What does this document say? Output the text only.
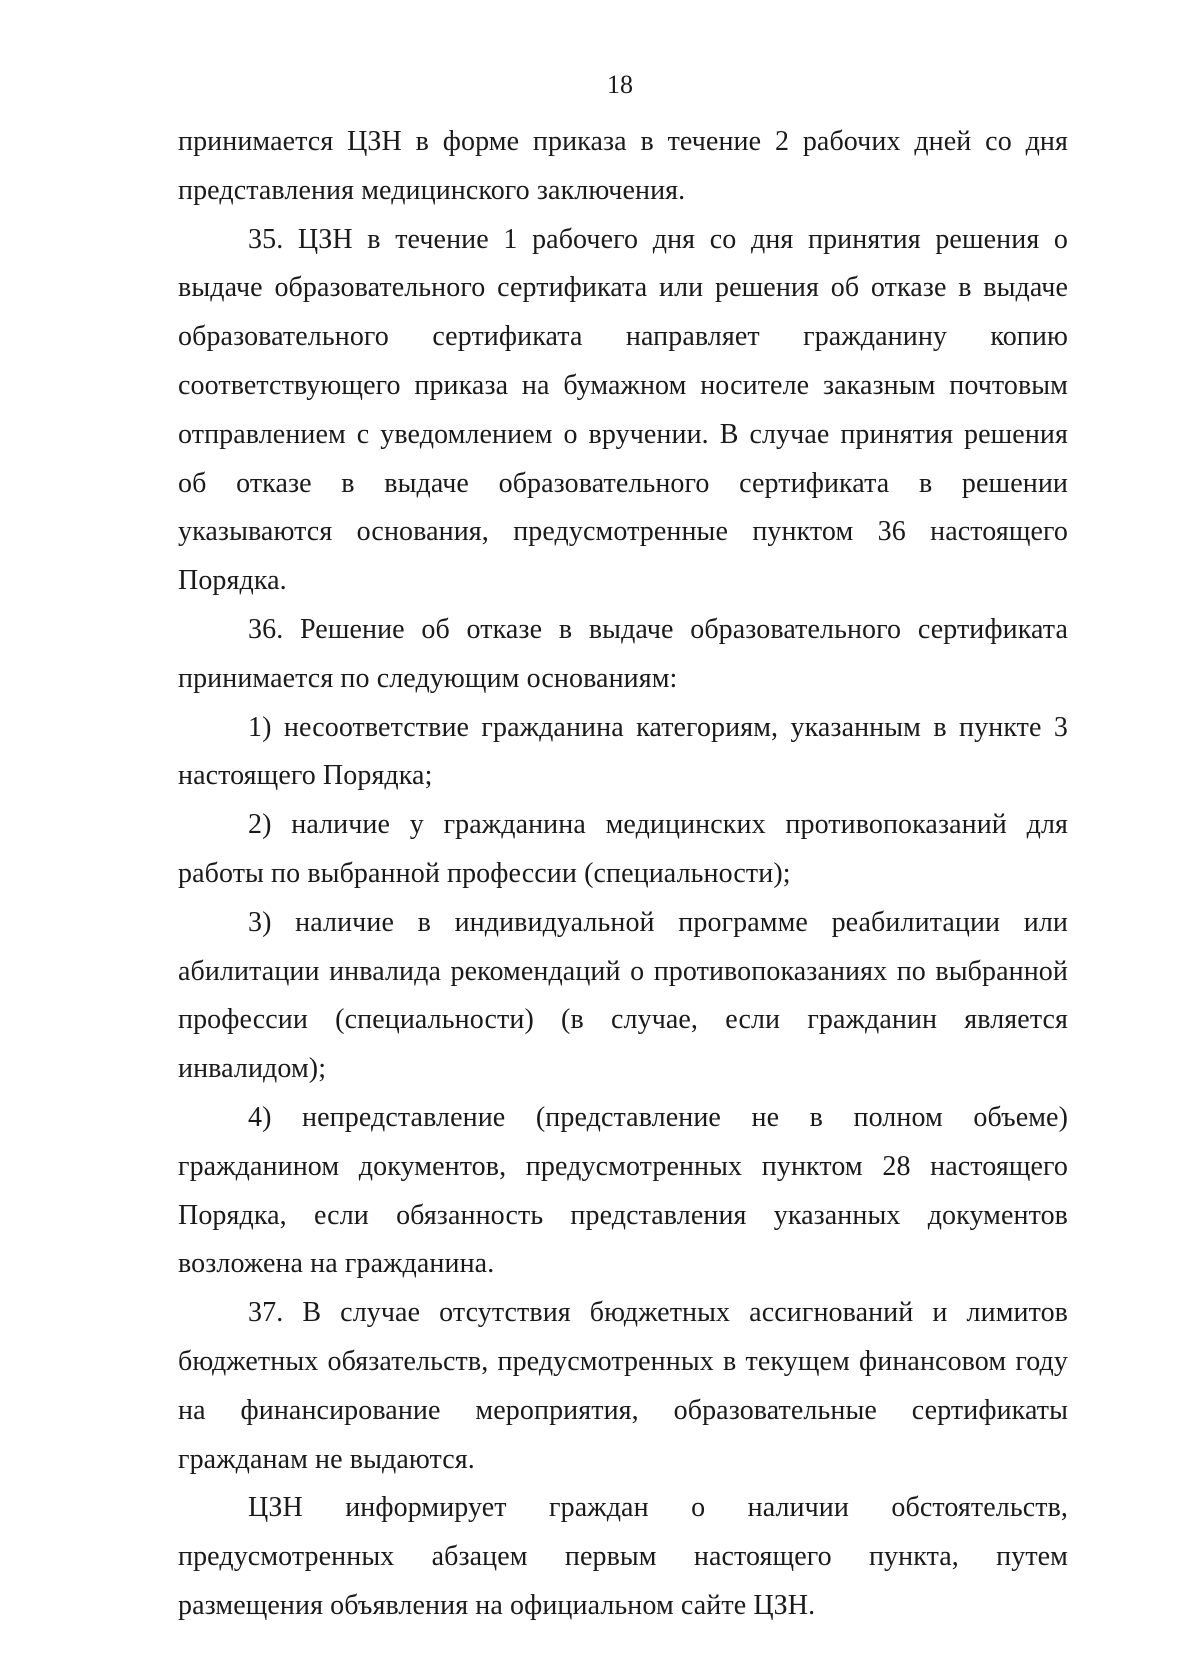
18

принимается ЦЗН в форме приказа в течение 2 рабочих дней со дня представления медицинского заключения.

35. ЦЗН в течение 1 рабочего дня со дня принятия решения о выдаче образовательного сертификата или решения об отказе в выдаче образовательного сертификата направляет гражданину копию соответствующего приказа на бумажном носителе заказным почтовым отправлением с уведомлением о вручении. В случае принятия решения об отказе в выдаче образовательного сертификата в решении указываются основания, предусмотренные пунктом 36 настоящего Порядка.

36. Решение об отказе в выдаче образовательного сертификата принимается по следующим основаниям:

1) несоответствие гражданина категориям, указанным в пункте 3 настоящего Порядка;

2) наличие у гражданина медицинских противопоказаний для работы по выбранной профессии (специальности);

3) наличие в индивидуальной программе реабилитации или абилитации инвалида рекомендаций о противопоказаниях по выбранной профессии (специальности) (в случае, если гражданин является инвалидом);

4) непредставление (представление не в полном объеме) гражданином документов, предусмотренных пунктом 28 настоящего Порядка, если обязанность представления указанных документов возложена на гражданина.

37. В случае отсутствия бюджетных ассигнований и лимитов бюджетных обязательств, предусмотренных в текущем финансовом году на финансирование мероприятия, образовательные сертификаты гражданам не выдаются.

ЦЗН информирует граждан о наличии обстоятельств, предусмотренных абзацем первым настоящего пункта, путем размещения объявления на официальном сайте ЦЗН.
